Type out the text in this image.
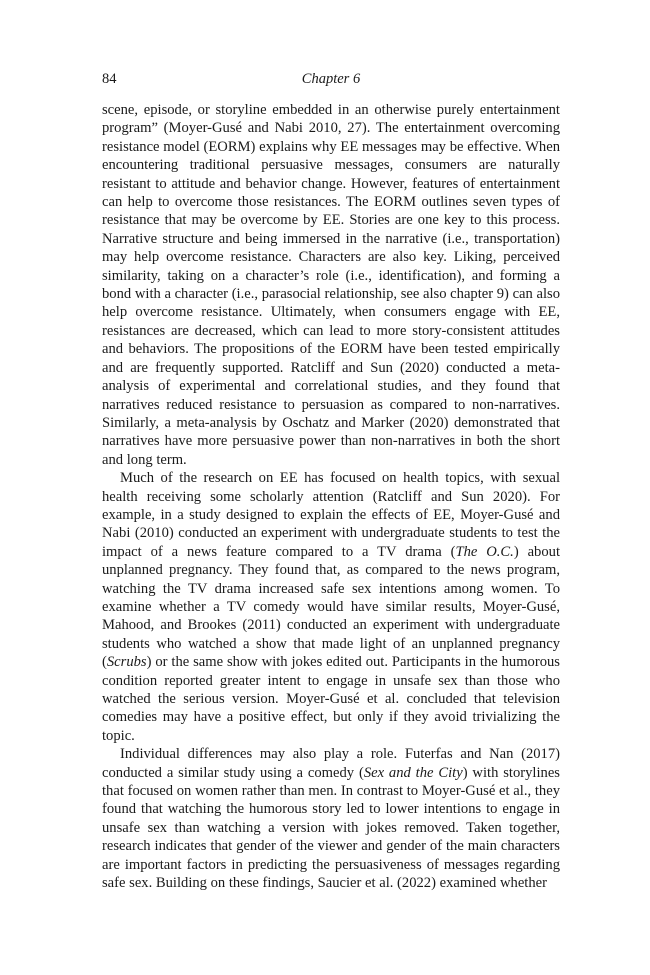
84	Chapter 6

scene, episode, or storyline embedded in an otherwise purely entertainment program” (Moyer-Gusé and Nabi 2010, 27). The entertainment overcoming resistance model (EORM) explains why EE messages may be effective. When encountering traditional persuasive messages, consumers are naturally resistant to attitude and behavior change. However, features of entertainment can help to overcome those resistances. The EORM outlines seven types of resistance that may be overcome by EE. Stories are one key to this process. Narrative structure and being immersed in the narrative (i.e., transportation) may help overcome resistance. Characters are also key. Liking, perceived similarity, taking on a character’s role (i.e., identification), and forming a bond with a character (i.e., parasocial relationship, see also chapter 9) can also help overcome resistance. Ultimately, when consumers engage with EE, resistances are decreased, which can lead to more story-consistent attitudes and behaviors. The propositions of the EORM have been tested empirically and are frequently supported. Ratcliff and Sun (2020) conducted a meta-analysis of experimental and correlational studies, and they found that narratives reduced resistance to persuasion as compared to non-narratives. Similarly, a meta-analysis by Oschatz and Marker (2020) demonstrated that narratives have more persuasive power than non-narratives in both the short and long term.

Much of the research on EE has focused on health topics, with sexual health receiving some scholarly attention (Ratcliff and Sun 2020). For example, in a study designed to explain the effects of EE, Moyer-Gusé and Nabi (2010) conducted an experiment with undergraduate students to test the impact of a news feature compared to a TV drama (The O.C.) about unplanned pregnancy. They found that, as compared to the news program, watching the TV drama increased safe sex intentions among women. To examine whether a TV comedy would have similar results, Moyer-Gusé, Mahood, and Brookes (2011) conducted an experiment with undergraduate students who watched a show that made light of an unplanned pregnancy (Scrubs) or the same show with jokes edited out. Participants in the humorous condition reported greater intent to engage in unsafe sex than those who watched the serious version. Moyer-Gusé et al. concluded that television comedies may have a positive effect, but only if they avoid trivializing the topic.

Individual differences may also play a role. Futerfas and Nan (2017) conducted a similar study using a comedy (Sex and the City) with storylines that focused on women rather than men. In contrast to Moyer-Gusé et al., they found that watching the humorous story led to lower intentions to engage in unsafe sex than watching a version with jokes removed. Taken together, research indicates that gender of the viewer and gender of the main characters are important factors in predicting the persuasiveness of messages regarding safe sex. Building on these findings, Saucier et al. (2022) examined whether
